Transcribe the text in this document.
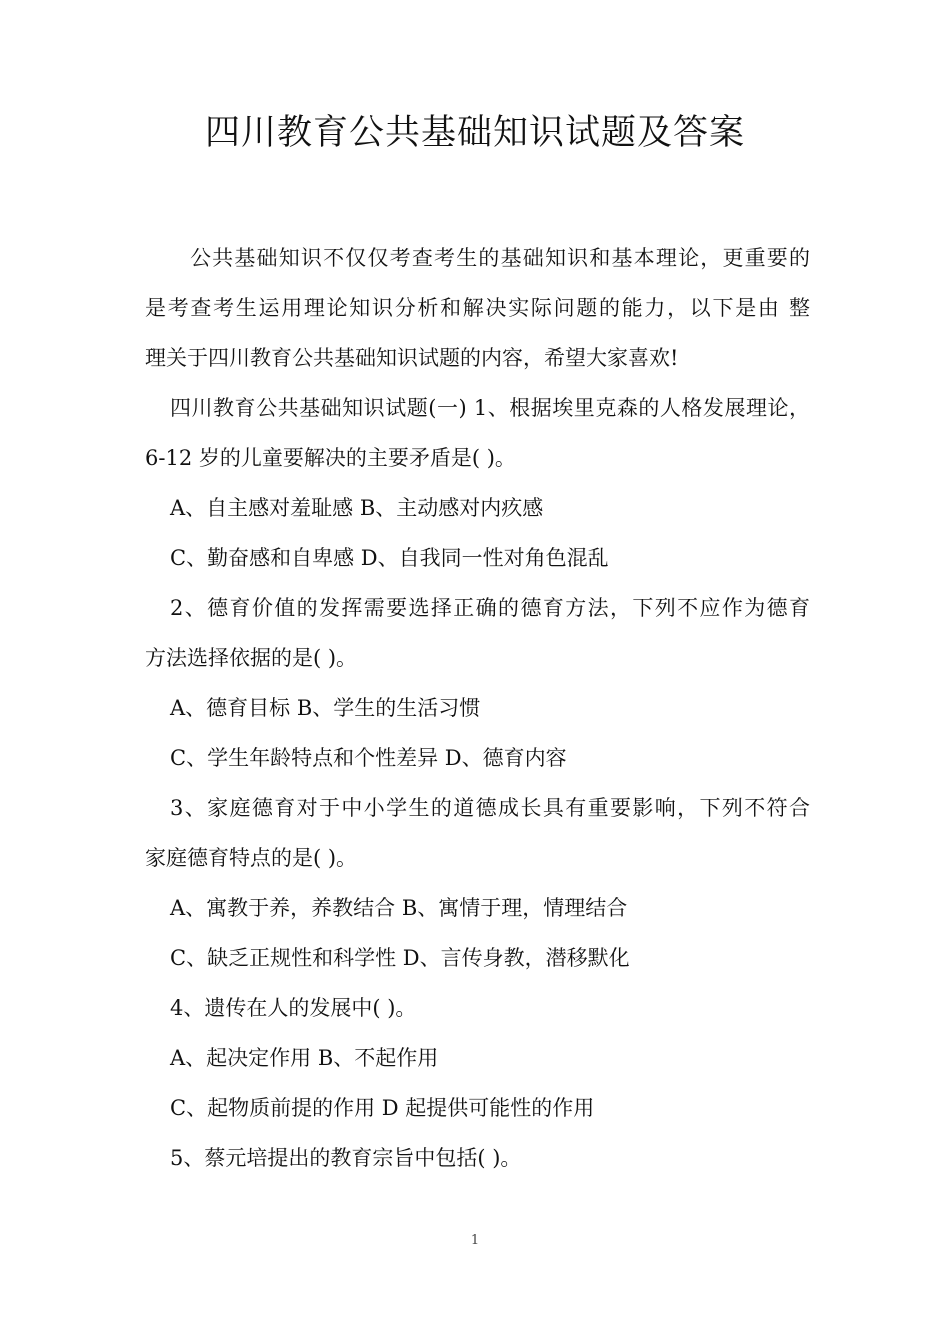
四川教育公共基础知识试题及答案
公共基础知识不仅仅考查考生的基础知识和基本理论，更重要的
是考查考生运用理论知识分析和解决实际问题的能力，以下是由 整
理关于四川教育公共基础知识试题的内容，希望大家喜欢!
四川教育公共基础知识试题(一) 1、根据埃里克森的人格发展理论，
6-12 岁的儿童要解决的主要矛盾是( )。
A、自主感对羞耻感 B、主动感对内疚感
C、勤奋感和自卑感 D、自我同一性对角色混乱
2、德育价值的发挥需要选择正确的德育方法，下列不应作为德育
方法选择依据的是( )。
A、德育目标 B、学生的生活习惯
C、学生年龄特点和个性差异 D、德育内容
3、家庭德育对于中小学生的道德成长具有重要影响，下列不符合
家庭德育特点的是( )。
A、寓教于养，养教结合 B、寓情于理，情理结合
C、缺乏正规性和科学性 D、言传身教，潜移默化
4、遗传在人的发展中( )。
A、起决定作用 B、不起作用
C、起物质前提的作用 D 起提供可能性的作用
5、蔡元培提出的教育宗旨中包括( )。
1
